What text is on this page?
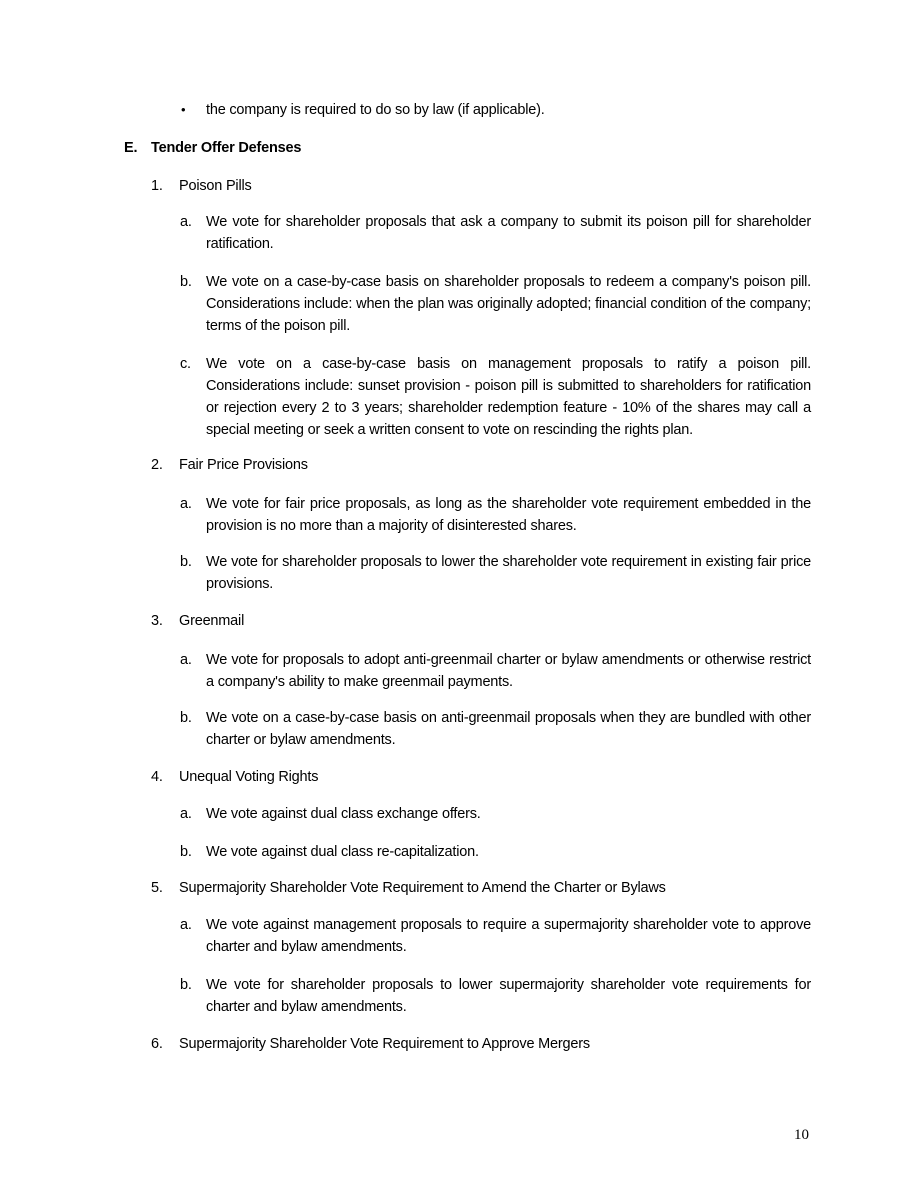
• the company is required to do so by law (if applicable).
E. Tender Offer Defenses
1. Poison Pills
a. We vote for shareholder proposals that ask a company to submit its poison pill for shareholder ratification.
b. We vote on a case-by-case basis on shareholder proposals to redeem a company's poison pill. Considerations include: when the plan was originally adopted; financial condition of the company; terms of the poison pill.
c. We vote on a case-by-case basis on management proposals to ratify a poison pill. Considerations include: sunset provision - poison pill is submitted to shareholders for ratification or rejection every 2 to 3 years; shareholder redemption feature - 10% of the shares may call a special meeting or seek a written consent to vote on rescinding the rights plan.
2. Fair Price Provisions
a. We vote for fair price proposals, as long as the shareholder vote requirement embedded in the provision is no more than a majority of disinterested shares.
b. We vote for shareholder proposals to lower the shareholder vote requirement in existing fair price provisions.
3. Greenmail
a. We vote for proposals to adopt anti-greenmail charter or bylaw amendments or otherwise restrict a company's ability to make greenmail payments.
b. We vote on a case-by-case basis on anti-greenmail proposals when they are bundled with other charter or bylaw amendments.
4. Unequal Voting Rights
a. We vote against dual class exchange offers.
b. We vote against dual class re-capitalization.
5. Supermajority Shareholder Vote Requirement to Amend the Charter or Bylaws
a. We vote against management proposals to require a supermajority shareholder vote to approve charter and bylaw amendments.
b. We vote for shareholder proposals to lower supermajority shareholder vote requirements for charter and bylaw amendments.
6. Supermajority Shareholder Vote Requirement to Approve Mergers
10
